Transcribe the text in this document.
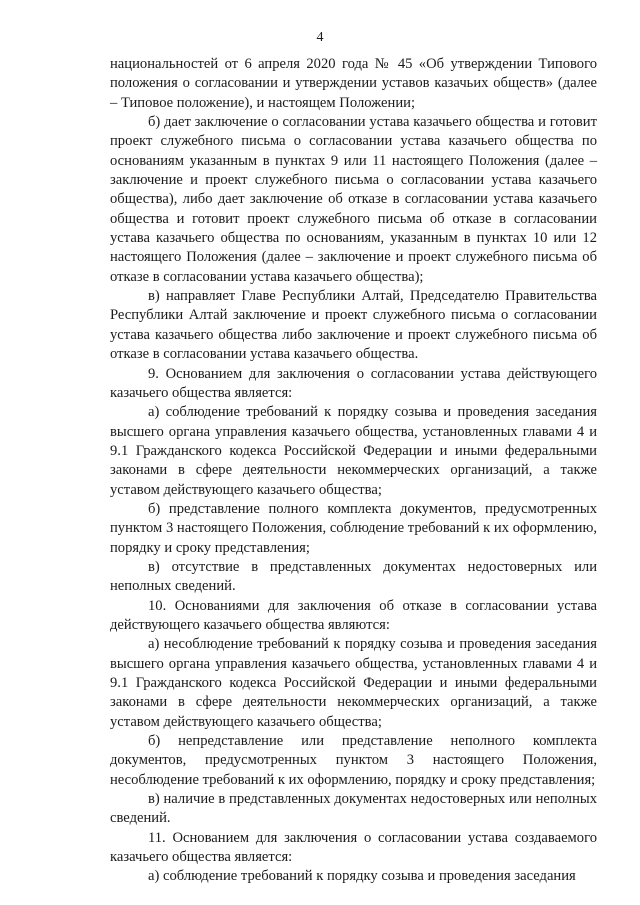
4

национальностей от 6 апреля 2020 года № 45 «Об утверждении Типового положения о согласовании и утверждении уставов казачьих обществ» (далее – Типовое положение), и настоящем Положении;

б) дает заключение о согласовании устава казачьего общества и готовит проект служебного письма о согласовании устава казачьего общества по основаниям указанным в пунктах 9 или 11 настоящего Положения (далее – заключение и проект служебного письма о согласовании устава казачьего общества), либо дает заключение об отказе в согласовании устава казачьего общества и готовит проект служебного письма об отказе в согласовании устава казачьего общества по основаниям, указанным в пунктах 10 или 12 настоящего Положения (далее – заключение и проект служебного письма об отказе в согласовании устава казачьего общества);

в) направляет Главе Республики Алтай, Председателю Правительства Республики Алтай заключение и проект служебного письма о согласовании устава казачьего общества либо заключение и проект служебного письма об отказе в согласовании устава казачьего общества.

9. Основанием для заключения о согласовании устава действующего казачьего общества является:

а) соблюдение требований к порядку созыва и проведения заседания высшего органа управления казачьего общества, установленных главами 4 и 9.1 Гражданского кодекса Российской Федерации и иными федеральными законами в сфере деятельности некоммерческих организаций, а также уставом действующего казачьего общества;

б) представление полного комплекта документов, предусмотренных пунктом 3 настоящего Положения, соблюдение требований к их оформлению, порядку и сроку представления;

в) отсутствие в представленных документах недостоверных или неполных сведений.

10. Основаниями для заключения об отказе в согласовании устава действующего казачьего общества являются:

а) несоблюдение требований к порядку созыва и проведения заседания высшего органа управления казачьего общества, установленных главами 4 и 9.1 Гражданского кодекса Российской Федерации и иными федеральными законами в сфере деятельности некоммерческих организаций, а также уставом действующего казачьего общества;

б) непредставление или представление неполного комплекта документов, предусмотренных пунктом 3 настоящего Положения, несоблюдение требований к их оформлению, порядку и сроку представления;

в) наличие в представленных документах недостоверных или неполных сведений.

11. Основанием для заключения о согласовании устава создаваемого казачьего общества является:

а) соблюдение требований к порядку созыва и проведения заседания
